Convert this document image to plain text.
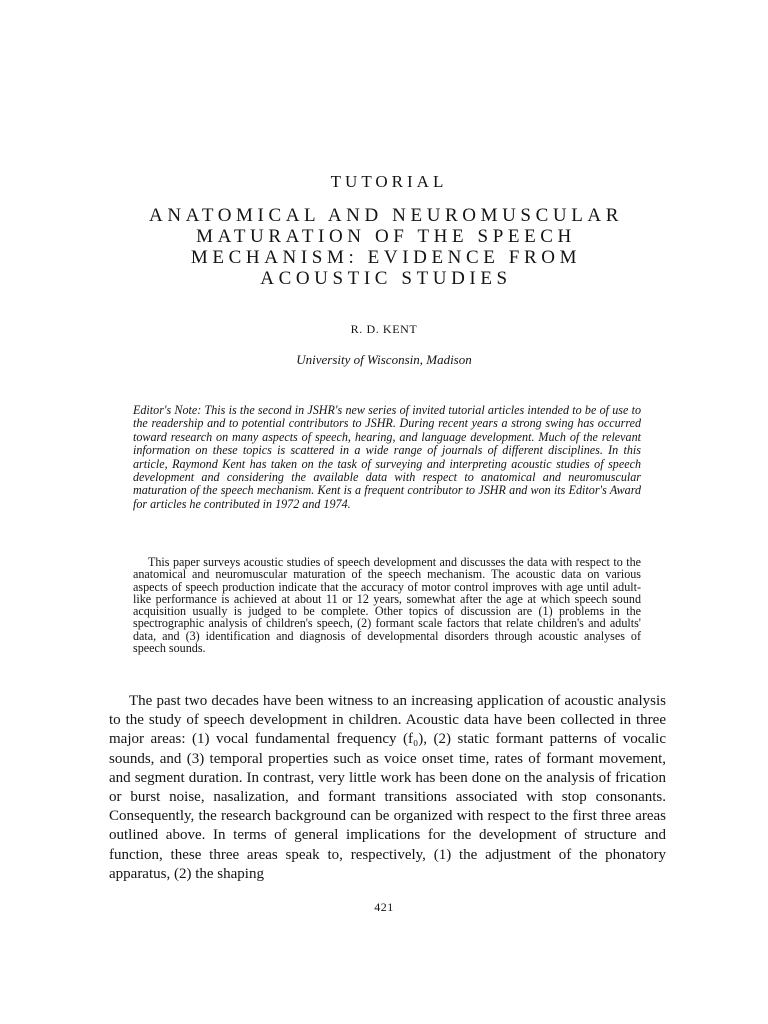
TUTORIAL
ANATOMICAL AND NEUROMUSCULAR
MATURATION OF THE SPEECH
MECHANISM: EVIDENCE FROM
ACOUSTIC STUDIES
R. D. KENT
University of Wisconsin, Madison

Editor's Note: This is the second in JSHR's new series of invited tutorial articles intended to be of use to the readership and to potential contributors to JSHR. During recent years a strong swing has occurred toward research on many aspects of speech, hearing, and language development. Much of the relevant information on these topics is scattered in a wide range of journals of different disciplines. In this article, Raymond Kent has taken on the task of surveying and interpreting acoustic studies of speech development and considering the available data with respect to anatomical and neuromuscular maturation of the speech mechanism. Kent is a frequent contributor to JSHR and won its Editor's Award for articles he contributed in 1972 and 1974.

This paper surveys acoustic studies of speech development and discusses the data with respect to the anatomical and neuromuscular maturation of the speech mechanism. The acoustic data on various aspects of speech production indicate that the accuracy of motor control improves with age until adult-like performance is achieved at about 11 or 12 years, somewhat after the age at which speech sound acquisition usually is judged to be complete. Other topics of discussion are (1) problems in the spectrographic analysis of children's speech, (2) formant scale factors that relate children's and adults' data, and (3) identification and diagnosis of developmental disorders through acoustic analyses of speech sounds.

The past two decades have been witness to an increasing application of acoustic analysis to the study of speech development in children. Acoustic data have been collected in three major areas: (1) vocal fundamental frequency (f₀), (2) static formant patterns of vocalic sounds, and (3) temporal properties such as voice onset time, rates of formant movement, and segment duration. In contrast, very little work has been done on the analysis of frication or burst noise, nasalization, and formant transitions associated with stop consonants. Consequently, the research background can be organized with respect to the first three areas outlined above. In terms of general implications for the development of structure and function, these three areas speak to, respectively, (1) the adjustment of the phonatory apparatus, (2) the shaping

421
